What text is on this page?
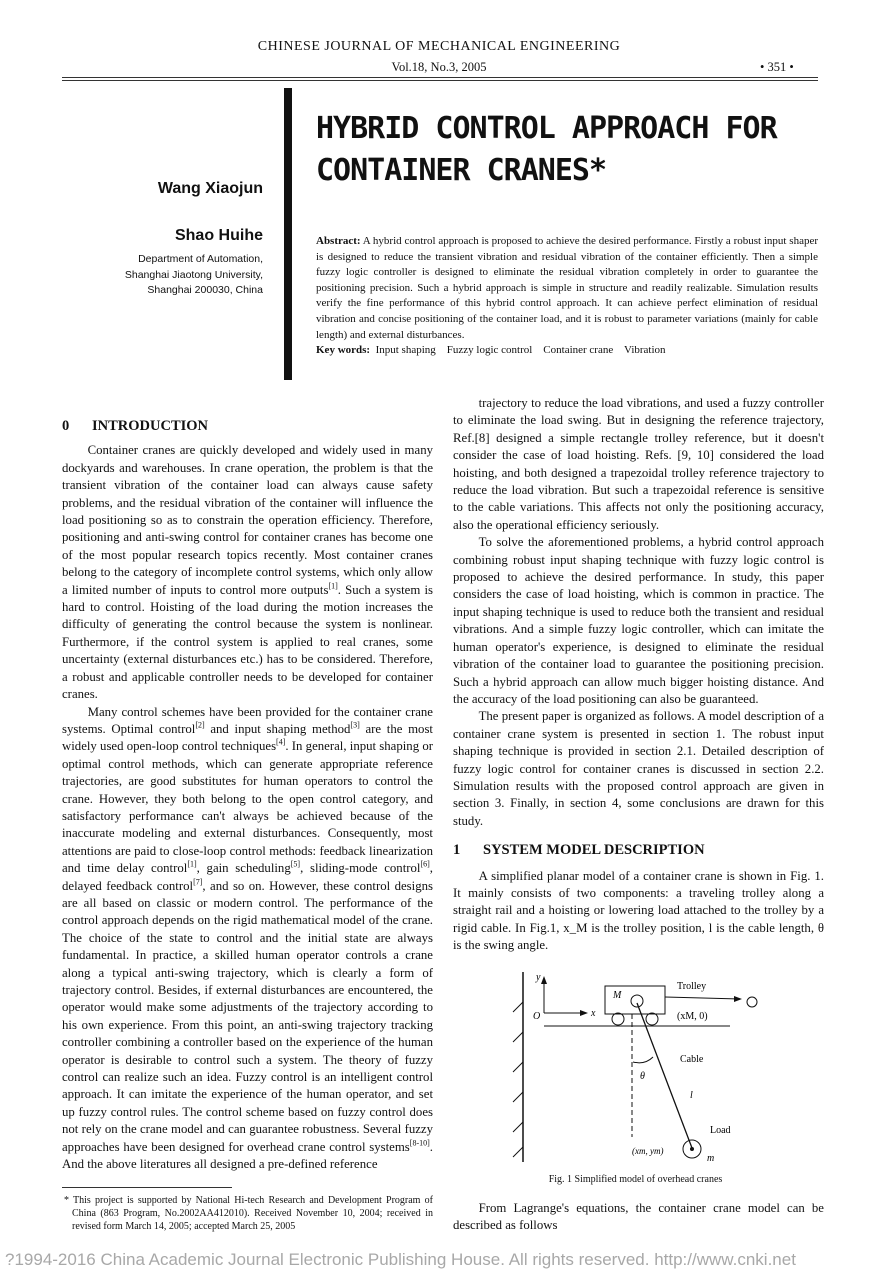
CHINESE JOURNAL OF MECHANICAL ENGINEERING
Vol.18, No.3, 2005	• 351 •
HYBRID CONTROL APPROACH FOR
CONTAINER CRANES*
Wang Xiaojun
Shao Huihe
Department of Automation,
Shanghai Jiaotong University,
Shanghai 200030, China
Abstract: A hybrid control approach is proposed to achieve the desired performance. Firstly a robust input shaper is designed to reduce the transient vibration and residual vibration of the container efficiently. Then a simple fuzzy logic controller is designed to eliminate the residual vibration completely in order to guarantee the positioning precision. Such a hybrid approach is simple in structure and readily realizable. Simulation results verify the fine performance of this hybrid control approach. It can achieve perfect elimination of residual vibration and concise positioning of the container load, and it is robust to parameter variations (mainly for cable length) and external disturbances.
Key words:  Input shaping    Fuzzy logic control    Container crane    Vibration
0 INTRODUCTION

Container cranes are quickly developed and widely used in many dockyards and warehouses. In crane operation, the problem is that the transient vibration of the container load can always cause safety problems, and the residual vibration of the container will influence the load positioning so as to constrain the operation efficiency. Therefore, positioning and anti-swing control for container cranes has become one of the most popular research topics recently. Most container cranes belong to the category of incomplete control systems, which only allow a limited number of inputs to control more outputs[1]. Such a system is hard to control. Hoisting of the load during the motion increases the difficulty of generating the control because the system is nonlinear. Furthermore, if the control system is applied to real cranes, some uncertainty (external disturbances etc.) has to be considered. Therefore, a robust and applicable controller needs to be developed for container cranes.

Many control schemes have been provided for the container crane systems. Optimal control[2] and input shaping method[3] are the most widely used open-loop control techniques[4]. In general, input shaping or optimal control methods, which can generate appropriate reference trajectories, are good substitutes for human operators to control the crane. However, they both belong to the open control category, and satisfactory performance can't always be achieved because of the inaccurate modeling and external disturbances. Consequently, most attentions are paid to close-loop control methods: feedback linearization and time delay control[1], gain scheduling[5], sliding-mode control[6], delayed feedback control[7], and so on. However, these control designs are all based on classic or modern control. The performance of the control approach depends on the rigid mathematical model of the crane. The choice of the state to control and the initial state are always fundamental. In practice, a skilled human operator controls a crane along a typical anti-swing trajectory, which is clearly a form of trajectory control. Besides, if external disturbances are encountered, the operator would make some adjustments of the trajectory according to his own experience. From this point, an anti-swing trajectory tracking controller combining a controller based on the experience of the human operator is desirable to control such a system. The theory of fuzzy control can realize such an idea. Fuzzy control is an intelligent control approach. It can imitate the experience of the human operator, and set up fuzzy control rules. The control scheme based on fuzzy control does not rely on the crane model and can guarantee robustness. Several fuzzy approaches have been designed for overhead crane control systems[8-10]. And the above literatures all designed a pre-defined reference

trajectory to reduce the load vibrations, and used a fuzzy controller to eliminate the load swing. But in designing the reference trajectory, Ref.[8] designed a simple rectangle trolley reference, but it doesn't consider the case of load hoisting. Refs. [9, 10] considered the load hoisting, and both designed a trapezoidal trolley reference trajectory to reduce the load vibration. But such a trapezoidal reference is sensitive to the cable variations. This affects not only the positioning accuracy, also the operational efficiency seriously.

To solve the aforementioned problems, a hybrid control approach combining robust input shaping technique with fuzzy logic control is proposed to achieve the desired performance. In study, this paper considers the case of load hoisting, which is common in practice. The input shaping technique is used to reduce both the transient and residual vibrations. And a simple fuzzy logic controller, which can imitate the human operator's experience, is designed to eliminate the residual vibration of the container load to guarantee the positioning precision. Such a hybrid approach can allow much bigger hoisting distance. And the accuracy of the load positioning can also be guaranteed.

The present paper is organized as follows. A model description of a container crane system is presented in section 1. The robust input shaping technique is provided in section 2.1. Detailed description of fuzzy logic control for container cranes is discussed in section 2.2. Simulation results with the proposed control approach are given in section 3. Finally, in section 4, some conclusions are drawn for this study.

1 SYSTEM MODEL DESCRIPTION

A simplified planar model of a container crane is shown in Fig. 1. It mainly consists of two components: a traveling trolley along a straight rail and a hoisting or lowering load attached to the trolley by a rigid cable. In Fig.1, x_M is the trolley position, l is the cable length, θ is the swing angle.

y
x
O
M
Trolley
(xM, 0)
θ
Cable
l
Load
(xm, ym)
m
Fig. 1 Simplified model of overhead cranes

From Lagrange's equations, the container crane model can be described as follows

* This project is supported by National Hi-tech Research and Development Program of China (863 Program, No.2002AA412010). Received November 10, 2004; received in revised form March 14, 2005; accepted March 25, 2005
?1994-2016 China Academic Journal Electronic Publishing House. All rights reserved. http://www.cnki.net
